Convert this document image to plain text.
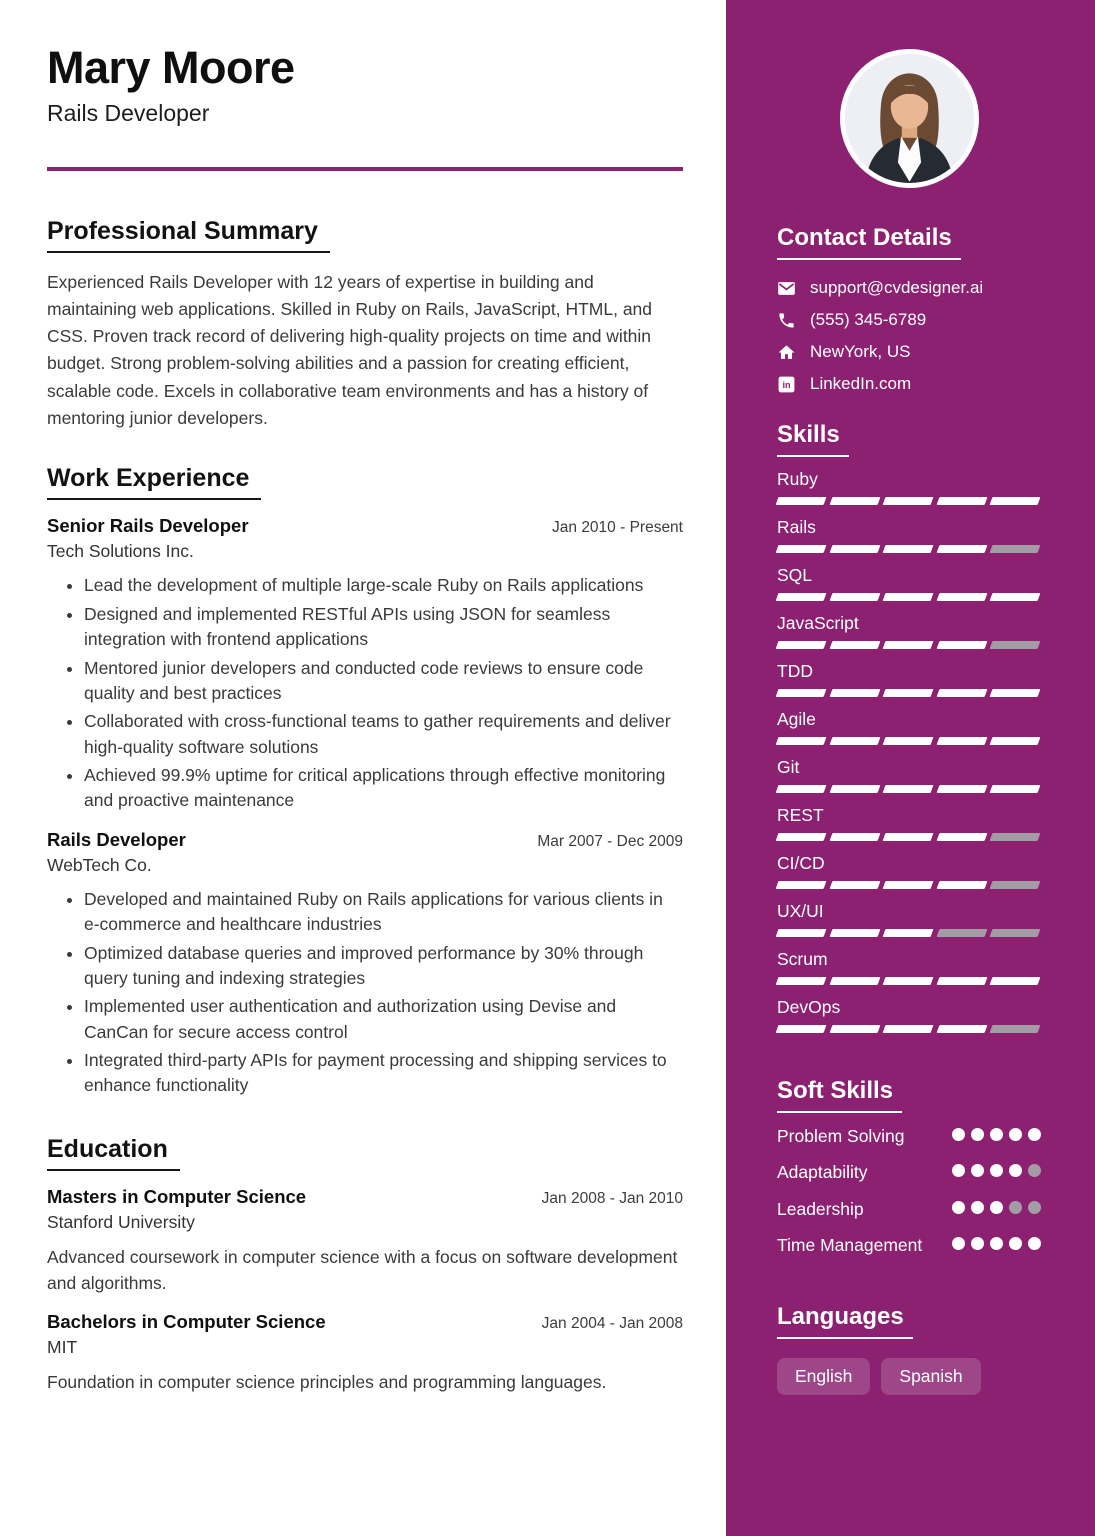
Mary Moore
Rails Developer
Professional Summary

Experienced Rails Developer with 12 years of expertise in building and maintaining web applications. Skilled in Ruby on Rails, JavaScript, HTML, and CSS. Proven track record of delivering high-quality projects on time and within budget. Strong problem-solving abilities and a passion for creating efficient, scalable code. Excels in collaborative team environments and has a history of mentoring junior developers.

Work Experience
Senior Rails Developer	Jan 2010 - Present
Tech Solutions Inc.
• Lead the development of multiple large-scale Ruby on Rails applications
• Designed and implemented RESTful APIs using JSON for seamless integration with frontend applications
• Mentored junior developers and conducted code reviews to ensure code quality and best practices
• Collaborated with cross-functional teams to gather requirements and deliver high-quality software solutions
• Achieved 99.9% uptime for critical applications through effective monitoring and proactive maintenance
Rails Developer	Mar 2007 - Dec 2009
WebTech Co.
• Developed and maintained Ruby on Rails applications for various clients in e-commerce and healthcare industries
• Optimized database queries and improved performance by 30% through query tuning and indexing strategies
• Implemented user authentication and authorization using Devise and CanCan for secure access control
• Integrated third-party APIs for payment processing and shipping services to enhance functionality
Education
Masters in Computer Science	Jan 2008 - Jan 2010
Stanford University

Advanced coursework in computer science with a focus on software development and algorithms.

Bachelors in Computer Science	Jan 2004 - Jan 2008
MIT

Foundation in computer science principles and programming languages.

Contact Details
support@cvdesigner.ai
(555) 345-6789
NewYork, US
in LinkedIn.com
Skills
Ruby
Rails
SQL
JavaScript
TDD
Agile
Git
REST
CI/CD
UX/UI
Scrum
DevOps
Soft Skills
Problem Solving
Adaptability
Leadership
Time Management
Languages
English	Spanish
